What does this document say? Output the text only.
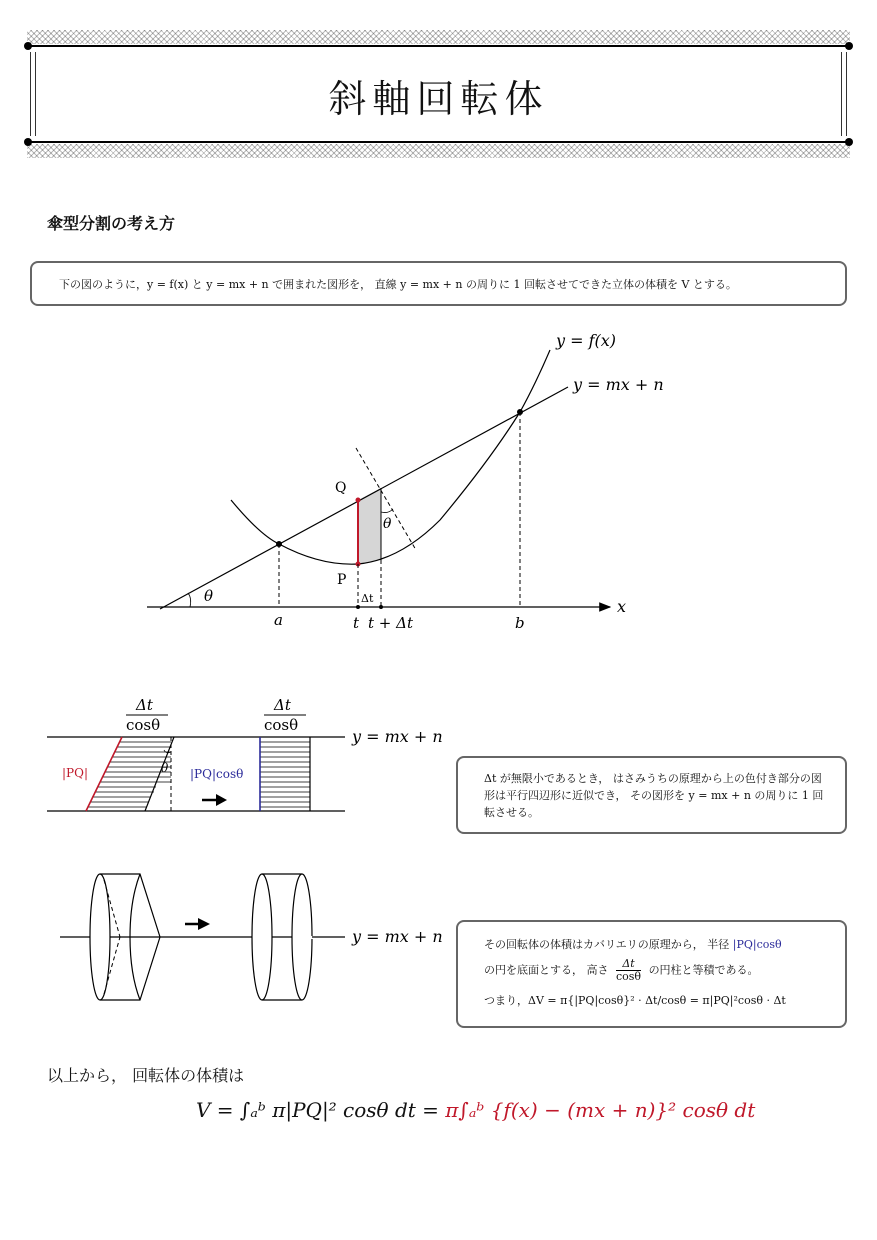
斜軸回転体
傘型分割の考え方
下の図のように，y = f(x) と y = mx + n で囲まれた図形を， 直線 y = mx + n の周りに 1 回転させてできた立体の体積を V とする。
y = f(x)
y = mx + n
x
θ
θ
Q
P
Δt
a	t t + Δt	b
Δt
cosθ
Δt
cosθ
y = mx + n
|PQ|	|PQ|cosθ
θ
Δt が無限小であるとき， はさみうちの原理から上の色付き部分の図形は平行四辺形に近似でき， その図形を y = mx + n の周りに 1 回転させる。
y = mx + n	その回転体の体積はカバリエリの原理から， 半径 |PQ|cosθ
の円を底面とする， 高さ $\frac{\Delta t}{\cos\theta}$ の円柱と等積である。
つまり，ΔV = π{|PQ|cosθ}² · Δt/cosθ = π|PQ|²cosθ · Δt
以上から， 回転体の体積は
V = ∫ₐᵇ π|PQ|² cosθ dt = π∫ₐᵇ {f(x) − (mx + n)}² cosθ dt
